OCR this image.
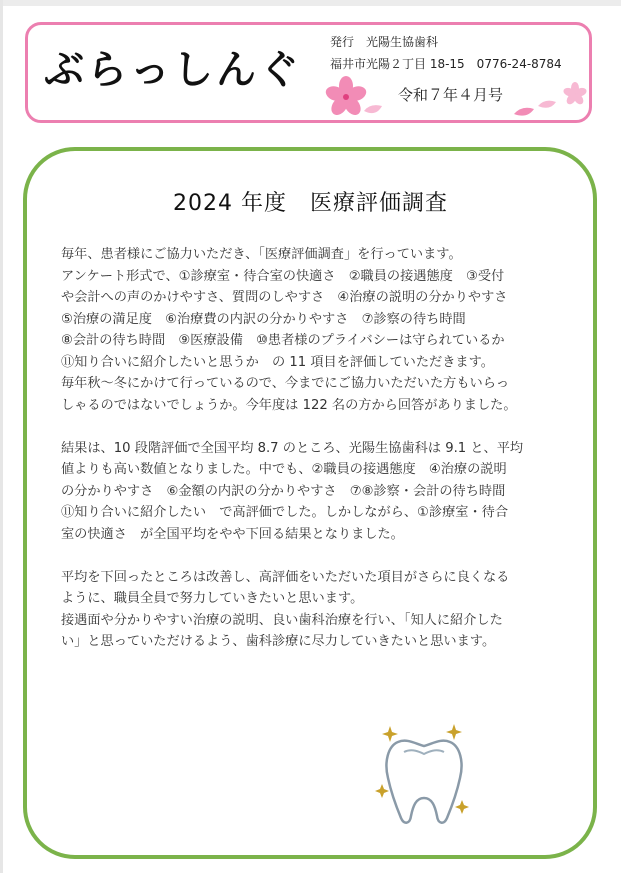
ぶらっしんぐ
発行　光陽生協歯科
福井市光陽２丁目 18-15　0776-24-8784
令和７年４月号
2024 年度　医療評価調査

毎年、患者様にご協力いただき、「医療評価調査」を行っています。
アンケート形式で、①診療室・待合室の快適さ　②職員の接遇態度　③受付
や会計への声のかけやすさ、質問のしやすさ　④治療の説明の分かりやすさ
⑤治療の満足度　⑥治療費の内訳の分かりやすさ　⑦診察の待ち時間
⑧会計の待ち時間　⑨医療設備　⑩患者様のプライバシーは守られているか
⑪知り合いに紹介したいと思うか　の 11 項目を評価していただきます。
毎年秋～冬にかけて行っているので、今までにご協力いただいた方もいらっ
しゃるのではないでしょうか。今年度は 122 名の方から回答がありました。

結果は、10 段階評価で全国平均 8.7 のところ、光陽生協歯科は 9.1 と、平均
値よりも高い数値となりました。中でも、②職員の接遇態度　④治療の説明
の分かりやすさ　⑥金額の内訳の分かりやすさ　⑦⑧診察・会計の待ち時間
⑪知り合いに紹介したい　で高評価でした。しかしながら、①診療室・待合
室の快適さ　が全国平均をやや下回る結果となりました。

平均を下回ったところは改善し、高評価をいただいた項目がさらに良くなる
ように、職員全員で努力していきたいと思います。
接遇面や分かりやすい治療の説明、良い歯科治療を行い、「知人に紹介した
い」と思っていただけるよう、歯科診療に尽力していきたいと思います。
